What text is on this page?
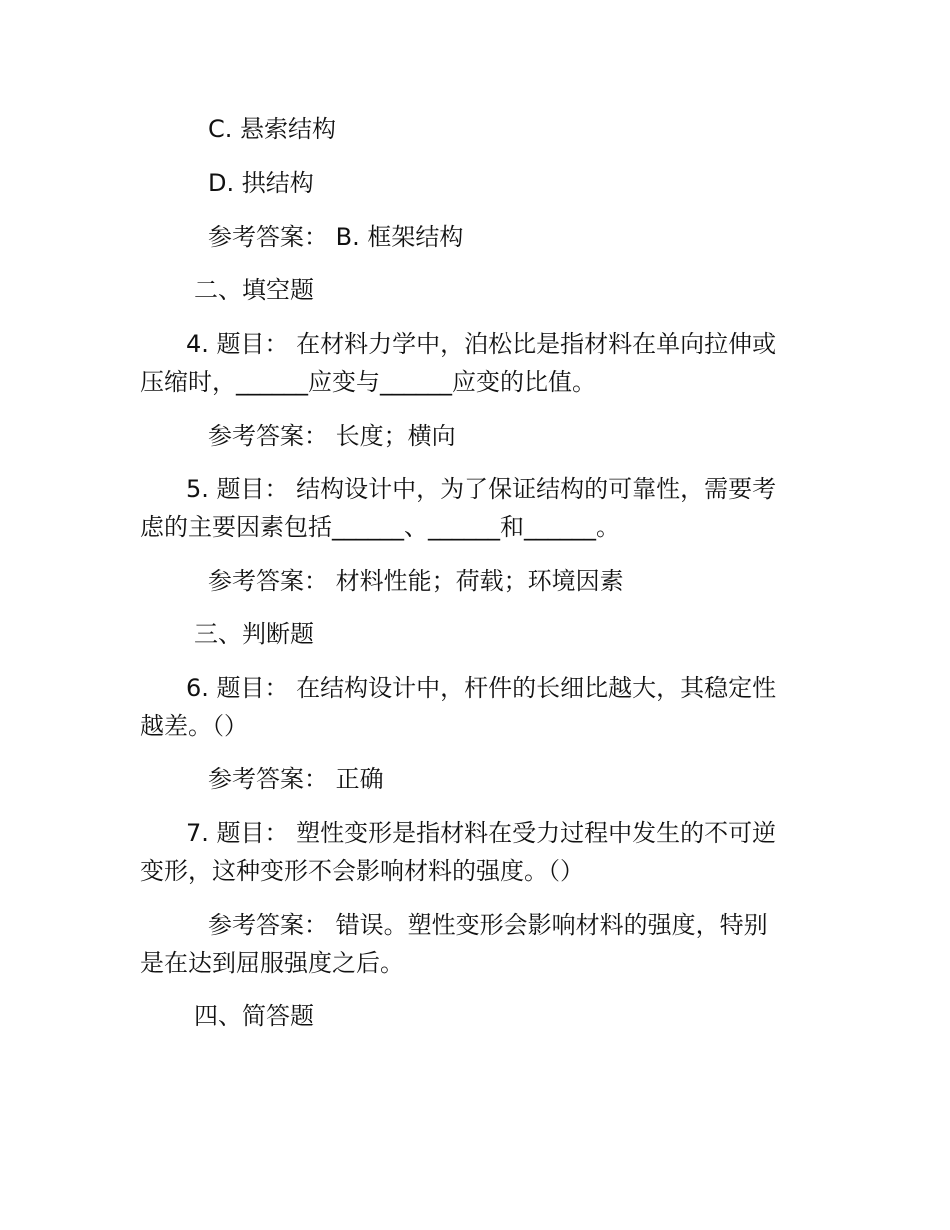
C. 悬索结构

D. 拱结构

参考答案： B. 框架结构

二、填空题

4. 题目： 在材料力学中，泊松比是指材料在单向拉伸或

压缩时，______应变与______应变的比值。

参考答案： 长度；横向

5. 题目： 结构设计中，为了保证结构的可靠性，需要考

虑的主要因素包括______、______和______。

参考答案： 材料性能；荷载；环境因素

三、判断题

6. 题目： 在结构设计中，杆件的长细比越大，其稳定性

越差。（）

参考答案： 正确

7. 题目： 塑性变形是指材料在受力过程中发生的不可逆

变形，这种变形不会影响材料的强度。（）

参考答案： 错误。塑性变形会影响材料的强度，特别

是在达到屈服强度之后。

四、简答题
